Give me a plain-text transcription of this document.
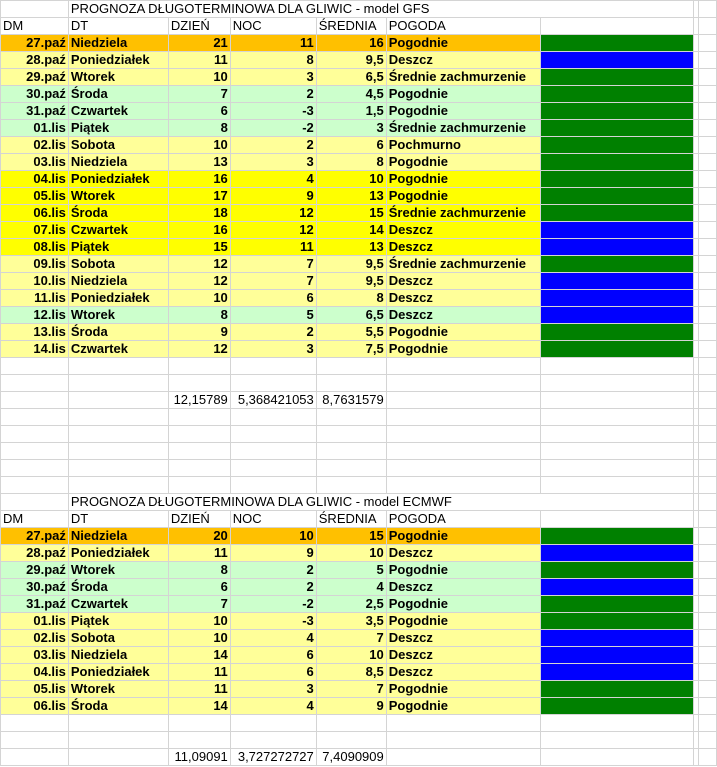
	PROGNOZA DŁUGOTERMINOWA DLA GLIWIC - model GFS							
DM	DT	DZIEŃ	NOC	ŚREDNIA	POGODA			
27.paź	Niedziela	21	11	16	Pogodnie			
28.paź	Poniedziałek	11	8	9,5	Deszcz			
29.paź	Wtorek	10	3	6,5	Średnie zachmurzenie			
30.paź	Środa	7	2	4,5	Pogodnie			
31.paź	Czwartek	6	-3	1,5	Pogodnie			
01.lis	Piątek	8	-2	3	Średnie zachmurzenie			
02.lis	Sobota	10	2	6	Pochmurno			
03.lis	Niedziela	13	3	8	Pogodnie			
04.lis	Poniedziałek	16	4	10	Pogodnie			
05.lis	Wtorek	17	9	13	Pogodnie			
06.lis	Środa	18	12	15	Średnie zachmurzenie			
07.lis	Czwartek	16	12	14	Deszcz			
08.lis	Piątek	15	11	13	Deszcz			
09.lis	Sobota	12	7	9,5	Średnie zachmurzenie			
10.lis	Niedziela	12	7	9,5	Deszcz			
11.lis	Poniedziałek	10	6	8	Deszcz			
12.lis	Wtorek	8	5	6,5	Deszcz			
13.lis	Środa	9	2	5,5	Pogodnie			
14.lis	Czwartek	12	3	7,5	Pogodnie			

		12,15789	5,368421053	8,7631579				

	PROGNOZA DŁUGOTERMINOWA DLA GLIWIC - model ECMWF							
DM	DT	DZIEŃ	NOC	ŚREDNIA	POGODA			
27.paź	Niedziela	20	10	15	Pogodnie			
28.paź	Poniedziałek	11	9	10	Deszcz			
29.paź	Wtorek	8	2	5	Pogodnie			
30.paź	Środa	6	2	4	Deszcz			
31.paź	Czwartek	7	-2	2,5	Pogodnie			
01.lis	Piątek	10	-3	3,5	Pogodnie			
02.lis	Sobota	10	4	7	Deszcz			
03.lis	Niedziela	14	6	10	Deszcz			
04.lis	Poniedziałek	11	6	8,5	Deszcz			
05.lis	Wtorek	11	3	7	Pogodnie			
06.lis	Środa	14	4	9	Pogodnie			

		11,09091	3,727272727	7,4090909				
